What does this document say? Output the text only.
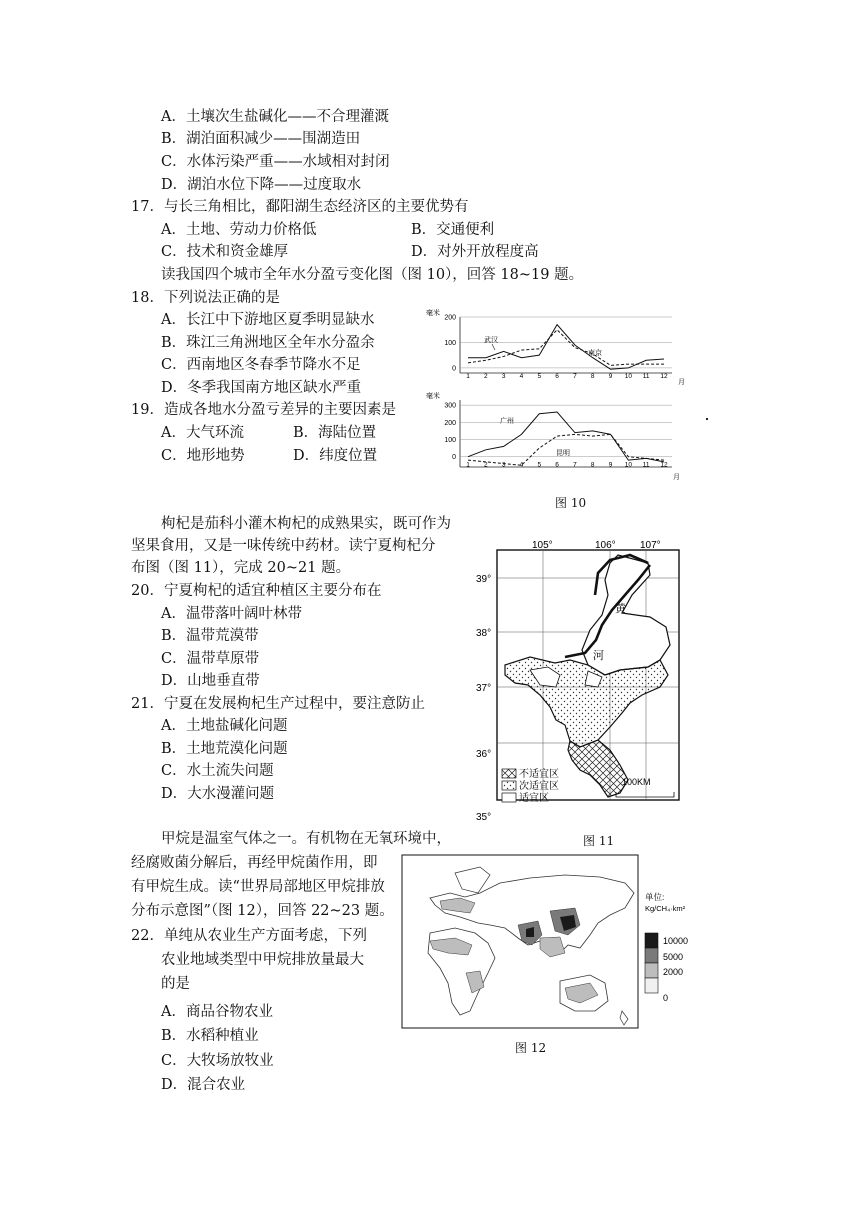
A．土壤次生盐碱化——不合理灌溉
B．湖泊面积减少——围湖造田
C．水体污染严重——水域相对封闭
D．湖泊水位下降——过度取水
17．与长三角相比，鄱阳湖生态经济区的主要优势有
A．土地、劳动力价格低	B．交通便利
C．技术和资金雄厚	D．对外开放程度高
读我国四个城市全年水分盈亏变化图（图 10），回答 18~19 题。
18．下列说法正确的是
A．长江中下游地区夏季明显缺水
B．珠江三角洲地区全年水分盈余
C．西南地区冬春季节降水不足
D．冬季我国南方地区缺水严重
19．造成各地水分盈亏差异的主要因素是
A．大气环流	B．海陆位置
C．地形地势	D．纬度位置
枸杞是茄科小灌木枸杞的成熟果实，既可作为
坚果食用，又是一味传统中药材。读宁夏枸杞分
布图（图 11），完成 20~21 题。
20．宁夏枸杞的适宜种植区主要分布在
A．温带落叶阔叶林带
B．温带荒漠带
C．温带草原带
D．山地垂直带
21．宁夏在发展枸杞生产过程中，要注意防止
A．土地盐碱化问题
B．土地荒漠化问题
C．水土流失问题
D．大水漫灌问题
甲烷是温室气体之一。有机物在无氧环境中，
经腐败菌分解后，再经甲烷菌作用，即
有甲烷生成。读“世界局部地区甲烷排放
分布示意图”（图 12），回答 22~23 题。
22．单纯从农业生产方面考虑，下列
农业地域类型中甲烷排放量最大
的是
A．商品谷物农业
B．水稻种植业
C．大牧场放牧业
D．混合农业
毫米
200
100
0
1 2 3 4 5 6 7 8 9 10 11 12
月
武汉
南京
毫米
300
200
100
0
1 2 3 4 5 6 7 8 9 10 11 12
月
广州
昆明
图 10
105°	106° 107°
39°
38°
37°
36°
35°
黄
河
不适宜区
次适宜区
适宜区
100KM
图 11
单位:
Kg/CH₄·km²
10000
5000
2000
0
图 12
